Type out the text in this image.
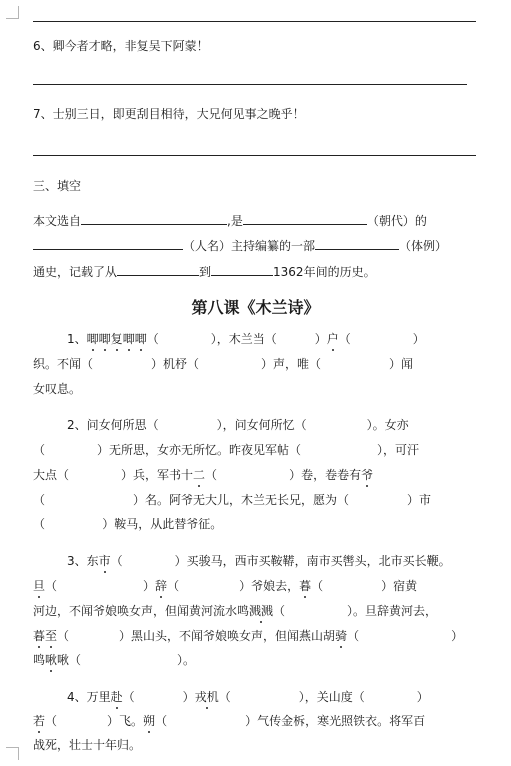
6、卿今者才略，非复吴下阿蒙！
7、士别三日，即更刮目相待，大兄何见事之晚乎！
三、填空
本文选自	,是	（朝代）的
（人名）主持编纂的一部	（体例）
通史，记载了从	到	1362年间的历史。
第八课《木兰诗》
1、唧唧复唧唧（	），木兰当（	）户（	）
织。不闻（	）机杼（	）声，唯（	）闻
女叹息。
2、问女何所思（	），问女何所忆（	）。女亦
（	）无所思，女亦无所忆。昨夜见军帖（	），可汗
大点（	）兵，军书十二（	）卷，卷卷有爷
（	）名。阿爷无大儿，木兰无长兄，愿为（	）市
（               ）鞍马，从此替爷征。
3、东市（	）买骏马，西市买鞍鞯，南市买辔头，北市买长鞭。
旦（	）辞（	）爷娘去，暮（	）宿黄
河边，不闻爷娘唤女声，但闻黄河流水鸣溅溅（	）。旦辞黄河去，
暮至（	）黑山头，不闻爷娘唤女声，但闻燕山胡骑（	）
鸣啾啾（	）。
4、万里赴（	）戎机（	），关山度（	）
若（	）飞。朔（	）气传金柝，寒光照铁衣。将军百
战死，壮士十年归。
